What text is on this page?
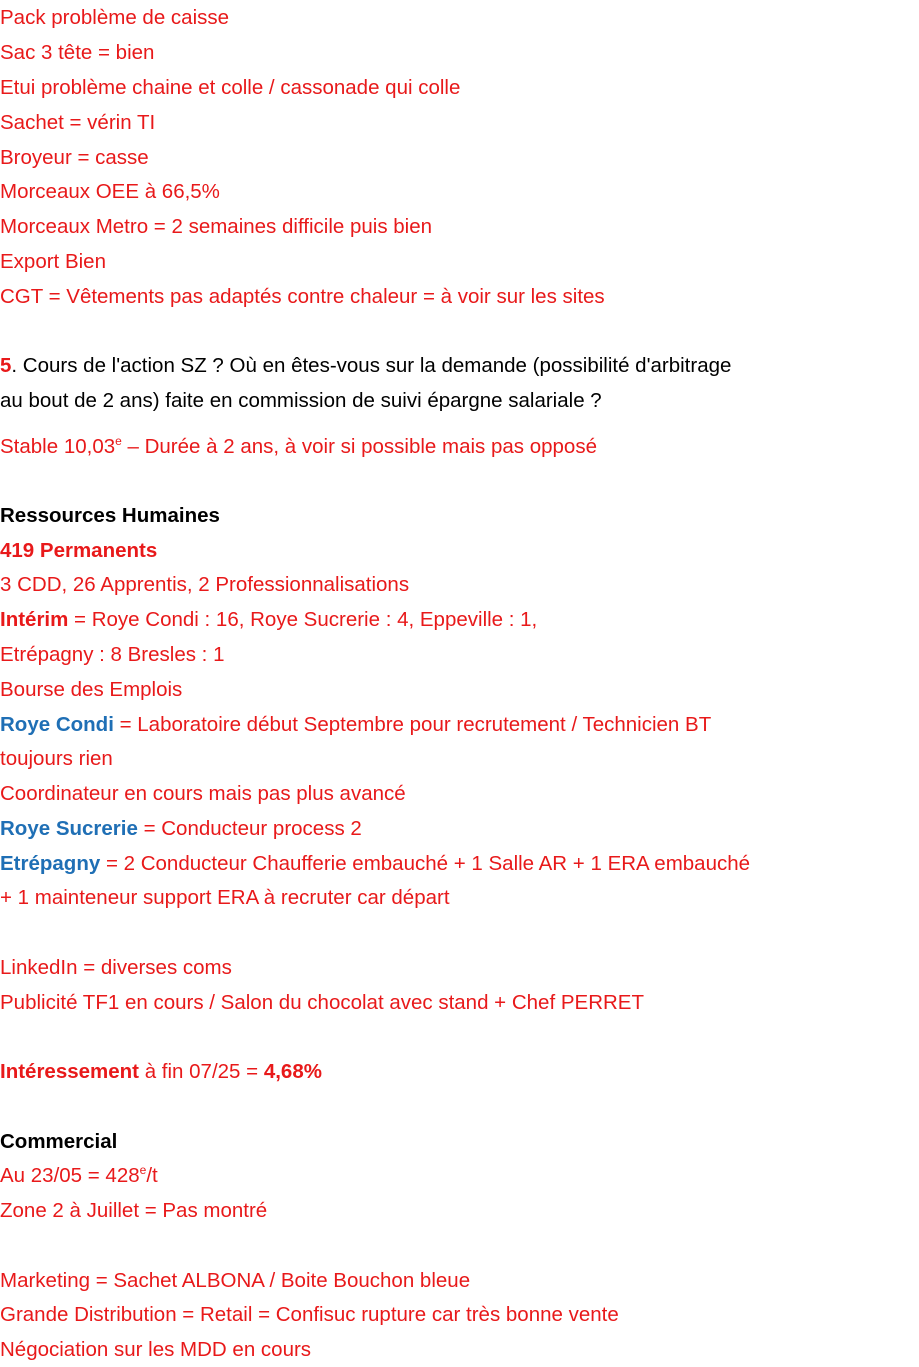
Pack problème de caisse
Sac 3 tête = bien
Etui problème chaine et colle / cassonade qui colle
Sachet = vérin TI
Broyeur = casse
Morceaux OEE à 66,5%
Morceaux Metro = 2 semaines difficile puis bien
Export Bien
CGT = Vêtements pas adaptés contre chaleur = à voir sur les sites
5. Cours de l'action SZ ? Où en êtes-vous sur la demande (possibilité d'arbitrage
au bout de 2 ans) faite en commission de suivi épargne salariale ?
Stable 10,03e – Durée à 2 ans, à voir si possible mais pas opposé
Ressources Humaines
419 Permanents
3 CDD, 26 Apprentis, 2 Professionnalisations
Intérim = Roye Condi : 16, Roye Sucrerie : 4, Eppeville : 1,
Etrépagny : 8 Bresles : 1
Bourse des Emplois
Roye Condi = Laboratoire début Septembre pour recrutement / Technicien BT
toujours rien
Coordinateur en cours mais pas plus avancé
Roye Sucrerie = Conducteur process 2
Etrépagny = 2 Conducteur Chaufferie embauché + 1 Salle AR + 1 ERA embauché
+ 1 mainteneur support ERA à recruter car départ
LinkedIn = diverses coms
Publicité TF1 en cours / Salon du chocolat avec stand + Chef PERRET
Intéressement à fin 07/25 = 4,68%
Commercial
Au $23/05 = 428^e/t$
Zone 2 à Juillet = Pas montré
Marketing = Sachet ALBONA / Boite Bouchon bleue
Grande Distribution = Retail = Confisuc rupture car très bonne vente
Négociation sur les MDD en cours
